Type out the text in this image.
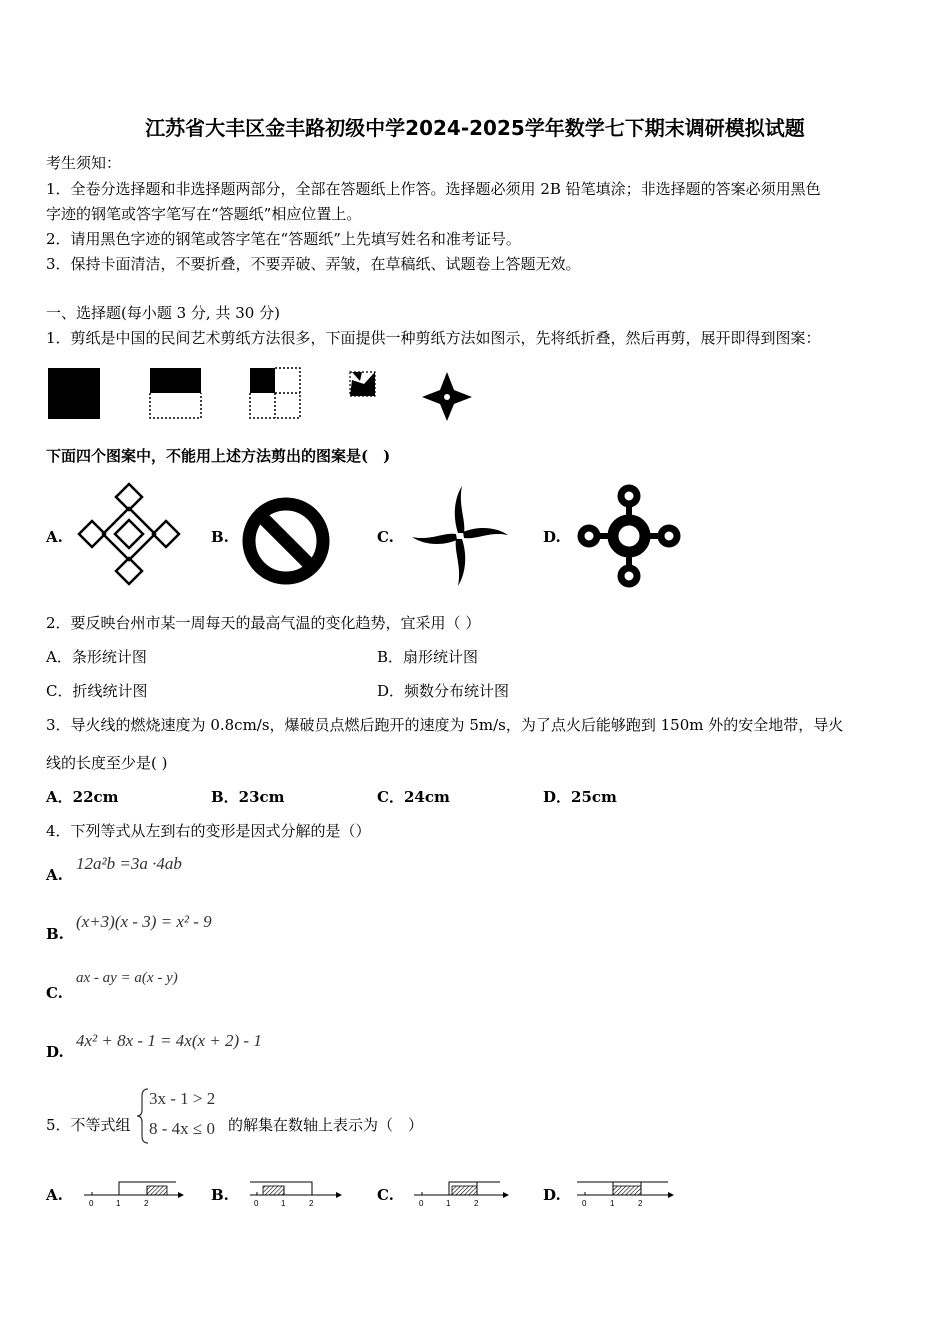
江苏省大丰区金丰路初级中学2024-2025学年数学七下期末调研模拟试题
考生须知：
1．全卷分选择题和非选择题两部分，全部在答题纸上作答。选择题必须用 2B 铅笔填涂；非选择题的答案必须用黑色
字迹的钢笔或答字笔写在“答题纸”相应位置上。
2．请用黑色字迹的钢笔或答字笔在“答题纸”上先填写姓名和准考证号。
3．保持卡面清洁，不要折叠，不要弄破、弄皱，在草稿纸、试题卷上答题无效。
一、选择题(每小题 3 分, 共 30 分)
1．剪纸是中国的民间艺术剪纸方法很多，下面提供一种剪纸方法如图示，先将纸折叠，然后再剪，展开即得到图案：
下面四个图案中，不能用上述方法剪出的图案是(　)
A.	B.	C.	D.
2．要反映台州市某一周每天的最高气温的变化趋势，宜采用（ ）
A．条形统计图	B．扇形统计图
C．折线统计图	D．频数分布统计图
3．导火线的燃烧速度为 0.8cm/s，爆破员点燃后跑开的速度为 5m/s，为了点火后能够跑到 150m 外的安全地带，导火
线的长度至少是( )
A．22cm	B．23cm	C．24cm	D．25cm
4．下列等式从左到右的变形是因式分解的是（）
A.
12a²b =3a ·4ab
B.
(x+3)(x - 3) = x² - 9
C.
ax - ay = a(x - y)
D.
4x² + 8x - 1 = 4x(x + 2) - 1
5．不等式组
3x - 1 > 2
8 - 4x ≤ 0 的解集在数轴上表示为（　）
A.	B.	C.	D.
0	1	2	0	1	2	0	1	2	0	1	2
